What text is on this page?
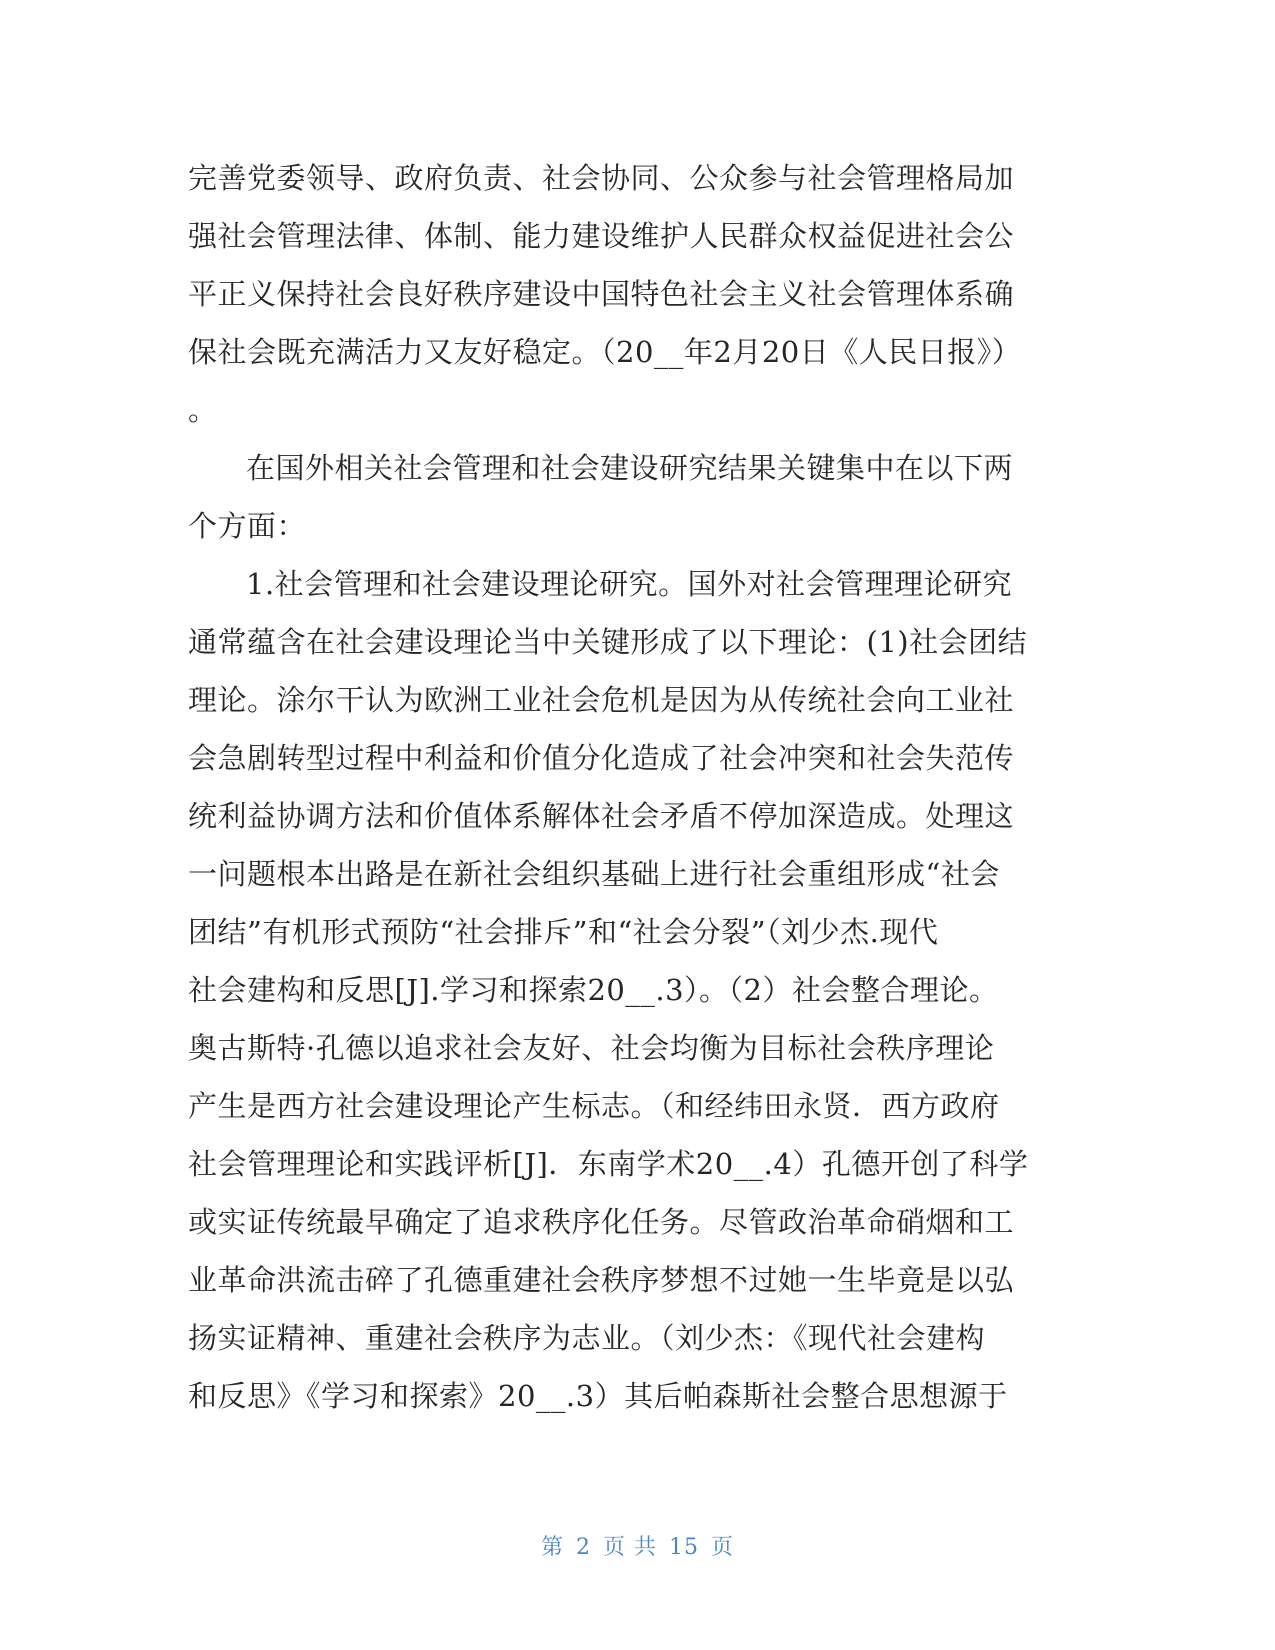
完善党委领导、政府负责、社会协同、公众参与社会管理格局加
强社会管理法律、体制、能力建设维护人民群众权益促进社会公
平正义保持社会良好秩序建设中国特色社会主义社会管理体系确
保社会既充满活力又友好稳定。（20__年2月20日《人民日报》）
。
在国外相关社会管理和社会建设研究结果关键集中在以下两
个方面：
1.社会管理和社会建设理论研究。国外对社会管理理论研究
通常蕴含在社会建设理论当中关键形成了以下理论：(1)社会团结
理论。涂尔干认为欧洲工业社会危机是因为从传统社会向工业社
会急剧转型过程中利益和价值分化造成了社会冲突和社会失范传
统利益协调方法和价值体系解体社会矛盾不停加深造成。处理这
一问题根本出路是在新社会组织基础上进行社会重组形成“社会
团结”有机形式预防“社会排斥”和“社会分裂”（刘少杰.现代
社会建构和反思[J].学习和探索20__.3）。（2）社会整合理论。
奥古斯特·孔德以追求社会友好、社会均衡为目标社会秩序理论
产生是西方社会建设理论产生标志。（和经纬田永贤．西方政府
社会管理理论和实践评析[J]．东南学术20__.4）孔德开创了科学
或实证传统最早确定了追求秩序化任务。尽管政治革命硝烟和工
业革命洪流击碎了孔德重建社会秩序梦想不过她一生毕竟是以弘
扬实证精神、重建社会秩序为志业。（刘少杰：《现代社会建构
和反思》《学习和探索》20__.3）其后帕森斯社会整合思想源于
第 2 页 共 15 页
